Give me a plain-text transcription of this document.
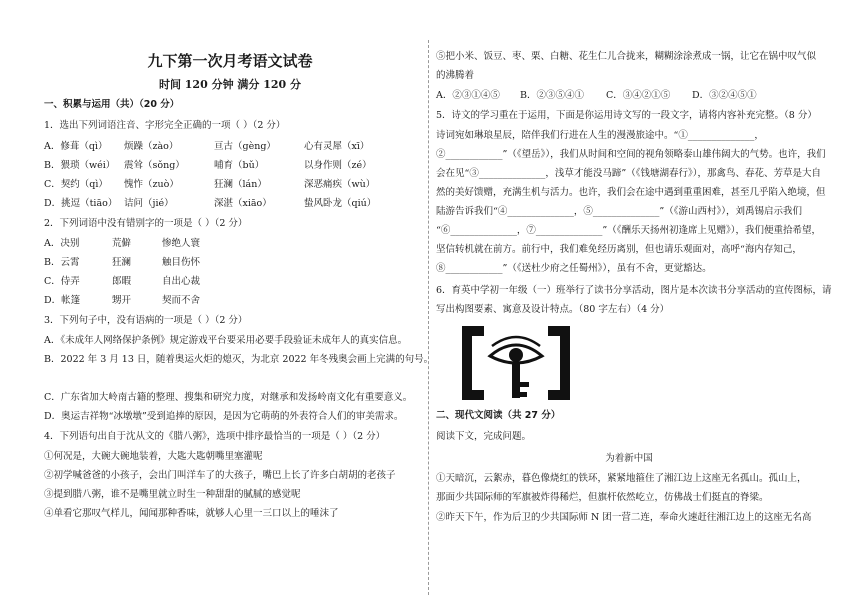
九下第一次月考语文试卷
时间 120 分钟 满分 120 分
一、积累与运用（共）（20 分）
1．选出下列词语注音、字形完全正确的一项（ ）（2 分）
A．修葺（qì） 烦躁（zào）	亘古（gèng）	心有灵犀（xī）
B．猥琐（wéi） 震耸（sǒng）	哺育（bǔ）	以身作则（zé）
C．契约（qì） 愧怍（zuò）	狂澜（lán）	深恶痛疾（wù）
D．挑逗（tiāo） 诘问（jié）	深湛（xiāo）	蛰风卧龙（qiú）
2．下列词语中没有错别字的一项是（ ）（2 分）
A．决别	荒僻	惨绝人寰
B．云霄	狂澜	触目伤怀
C．侍弄	郎暇	自出心裁
D．帐篷	甥开	契而不舍
3．下列句子中，没有语病的一项是（ ）（2 分）
A．《未成年人网络保护条例》规定游戏平台要采用必要手段验证未成年人的真实信息。
B．2022 年 3 月 13 日，随着奥运火炬的熄灭，为北京 2022 年冬残奥会画上完满的句号。
C．广东省加大岭南古籍的整理、搜集和研究力度，对继承和发扬岭南文化有重要意义。
D．奥运吉祥物“冰墩墩”受到追捧的原因，是因为它萌萌的外表符合人们的审美需求。
4．下列语句出自于沈从文的《腊八粥》，选项中排序最恰当的一项是（ ）（2 分）
①何况是，大碗大碗地装着，大匙大匙朝嘴里塞灌呢
②初学喊爸爸的小孩子，会出门叫洋车了的大孩子，嘴巴上长了许多白胡胡的老孩子
③提到腊八粥，谁不是嘴里就立时生一种甜甜的腻腻的感觉呢
④单看它那叹气样儿，闻闻那种香味，就够人心里一三口以上的唾沫了
⑤把小米、饭豆、枣、栗、白糖、花生仁儿合拢来，糊糊涂涂煮成一锅，让它在锅中叹气似
的沸腾着
A．②③①④⑤ B．②③⑤④① C．③④②①⑤ D．③②④⑤①
5．诗文的学习重在于运用，下面是你运用诗文写的一段文字，请将内容补充完整。（8 分）
诗词宛如琳琅星辰，陪伴我们行进在人生的漫漫旅途中。“①______________，
②____________”（《望岳》），我们从时间和空间的视角领略泰山雄伟阔大的气势。也许，我们
会在见“③______________，浅草才能没马蹄”（《钱塘湖春行》），那禽鸟、春花、芳草是大自
然的美好馈赠，充满生机与活力。也许，我们会在途中遇到重重困难，甚至几乎陷入绝境，但
陆游告诉我们“④______________，⑤______________”（《游山西村》），刘禹锡启示我们
“⑥______________，⑦______________”（《酬乐天扬州初逢席上见赠》），我们便重拾希望，
坚信转机就在前方。前行中，我们难免经历离别，但也请乐观面对，高呼“海内存知己，
⑧____________”（《送杜少府之任蜀州》），虽有不舍，更觉豁达。
6．育英中学初一年级（一）班举行了读书分享活动，图片是本次读书分享活动的宣传图标，请
写出构图要素、寓意及设计特点。（80 字左右）（4 分）
二、现代文阅读（共 27 分）
阅读下文，完成问题。
为着新中国
①天暗沉，云絮赤，暮色像烧红的铁环，紧紧地箍住了湘江边上这座无名孤山。孤山上，
那面少共国际师的军旗被炸得稀烂，但旗杆依然屹立，仿佛战士们挺直的脊梁。
②昨天下午，作为后卫的少共国际师 N 团一营二连，奉命火速赶往湘江边上的这座无名高
